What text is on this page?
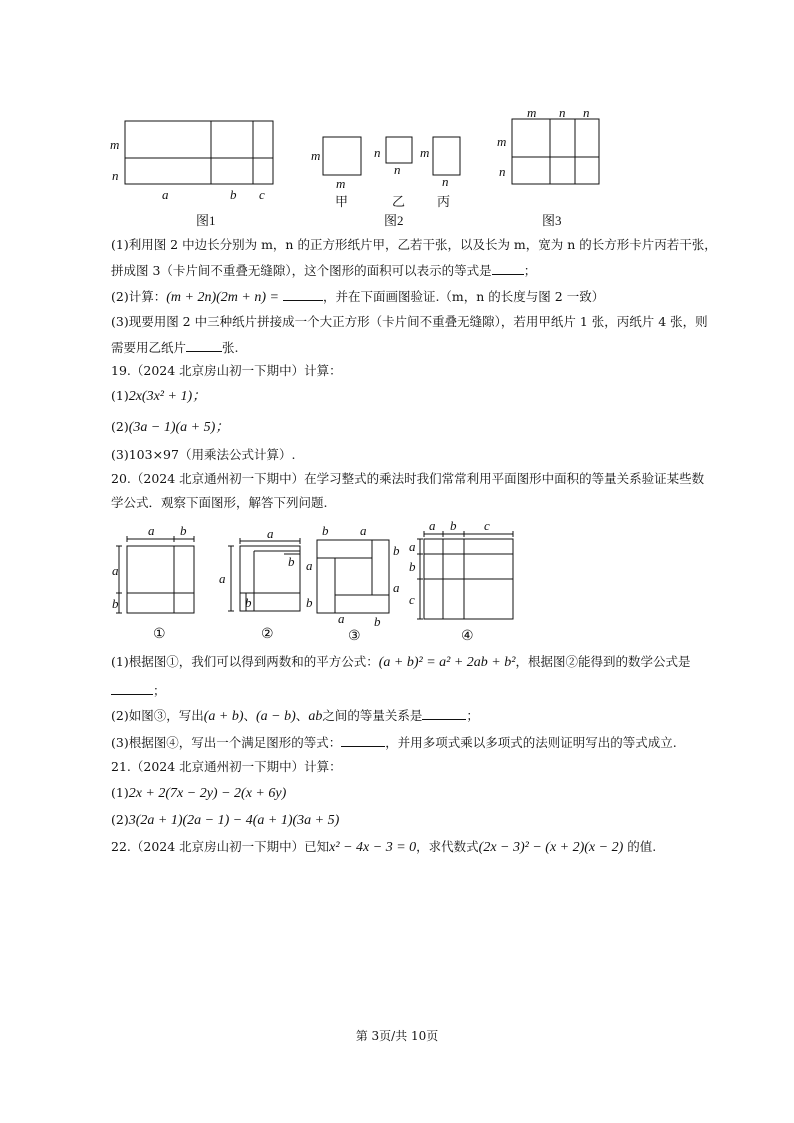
m
n
a	b c
图1
m
m
甲
n
n
乙
m
n
丙
图2
m n n
m
n
图3
(1)利用图 2 中边长分别为 m，n 的正方形纸片甲，乙若干张，以及长为 m，宽为 n 的长方形卡片丙若干张，
拼成图 3（卡片间不重叠无缝隙），这个图形的面积可以表示的等式是	；
(2)计算：(m + 2n)(2m + n) =	，并在下面画图验证.（m，n 的长度与图 2 一致）
(3)现要用图 2 中三种纸片拼接成一个大正方形（卡片间不重叠无缝隙），若用甲纸片 1 张，丙纸片 4 张，则
需要用乙纸片	张.
19.（2024 北京房山初一下期中）计算：
(1)2x(3x² + 1)；
(2)(3a − 1)(a + 5)；
(3)103×97（用乘法公式计算）.
20.（2024 北京通州初一下期中）在学习整式的乘法时我们常常利用平面图形中面积的等量关系验证某些数
学公式．观察下面图形，解答下列问题.
a b
a
b
a
b
a
b
b a
b
a
a
b
a b
a b c
a
b
c
①	②	③	④
(1)根据图①，我们可以得到两数和的平方公式：(a + b)² = a² + 2ab + b²，根据图②能得到的数学公式是
；
(2)如图③，写出(a + b)、(a − b)、ab之间的等量关系是	；
(3)根据图④，写出一个满足图形的等式：	，并用多项式乘以多项式的法则证明写出的等式成立.
21.（2024 北京通州初一下期中）计算：
(1)2x + 2(7x − 2y) − 2(x + 6y)
(2)3(2a + 1)(2a − 1) − 4(a + 1)(3a + 5)
22.（2024 北京房山初一下期中）已知x² − 4x − 3 = 0，求代数式(2x − 3)² − (x + 2)(x − 2) 的值.
第 3页/共 10页
